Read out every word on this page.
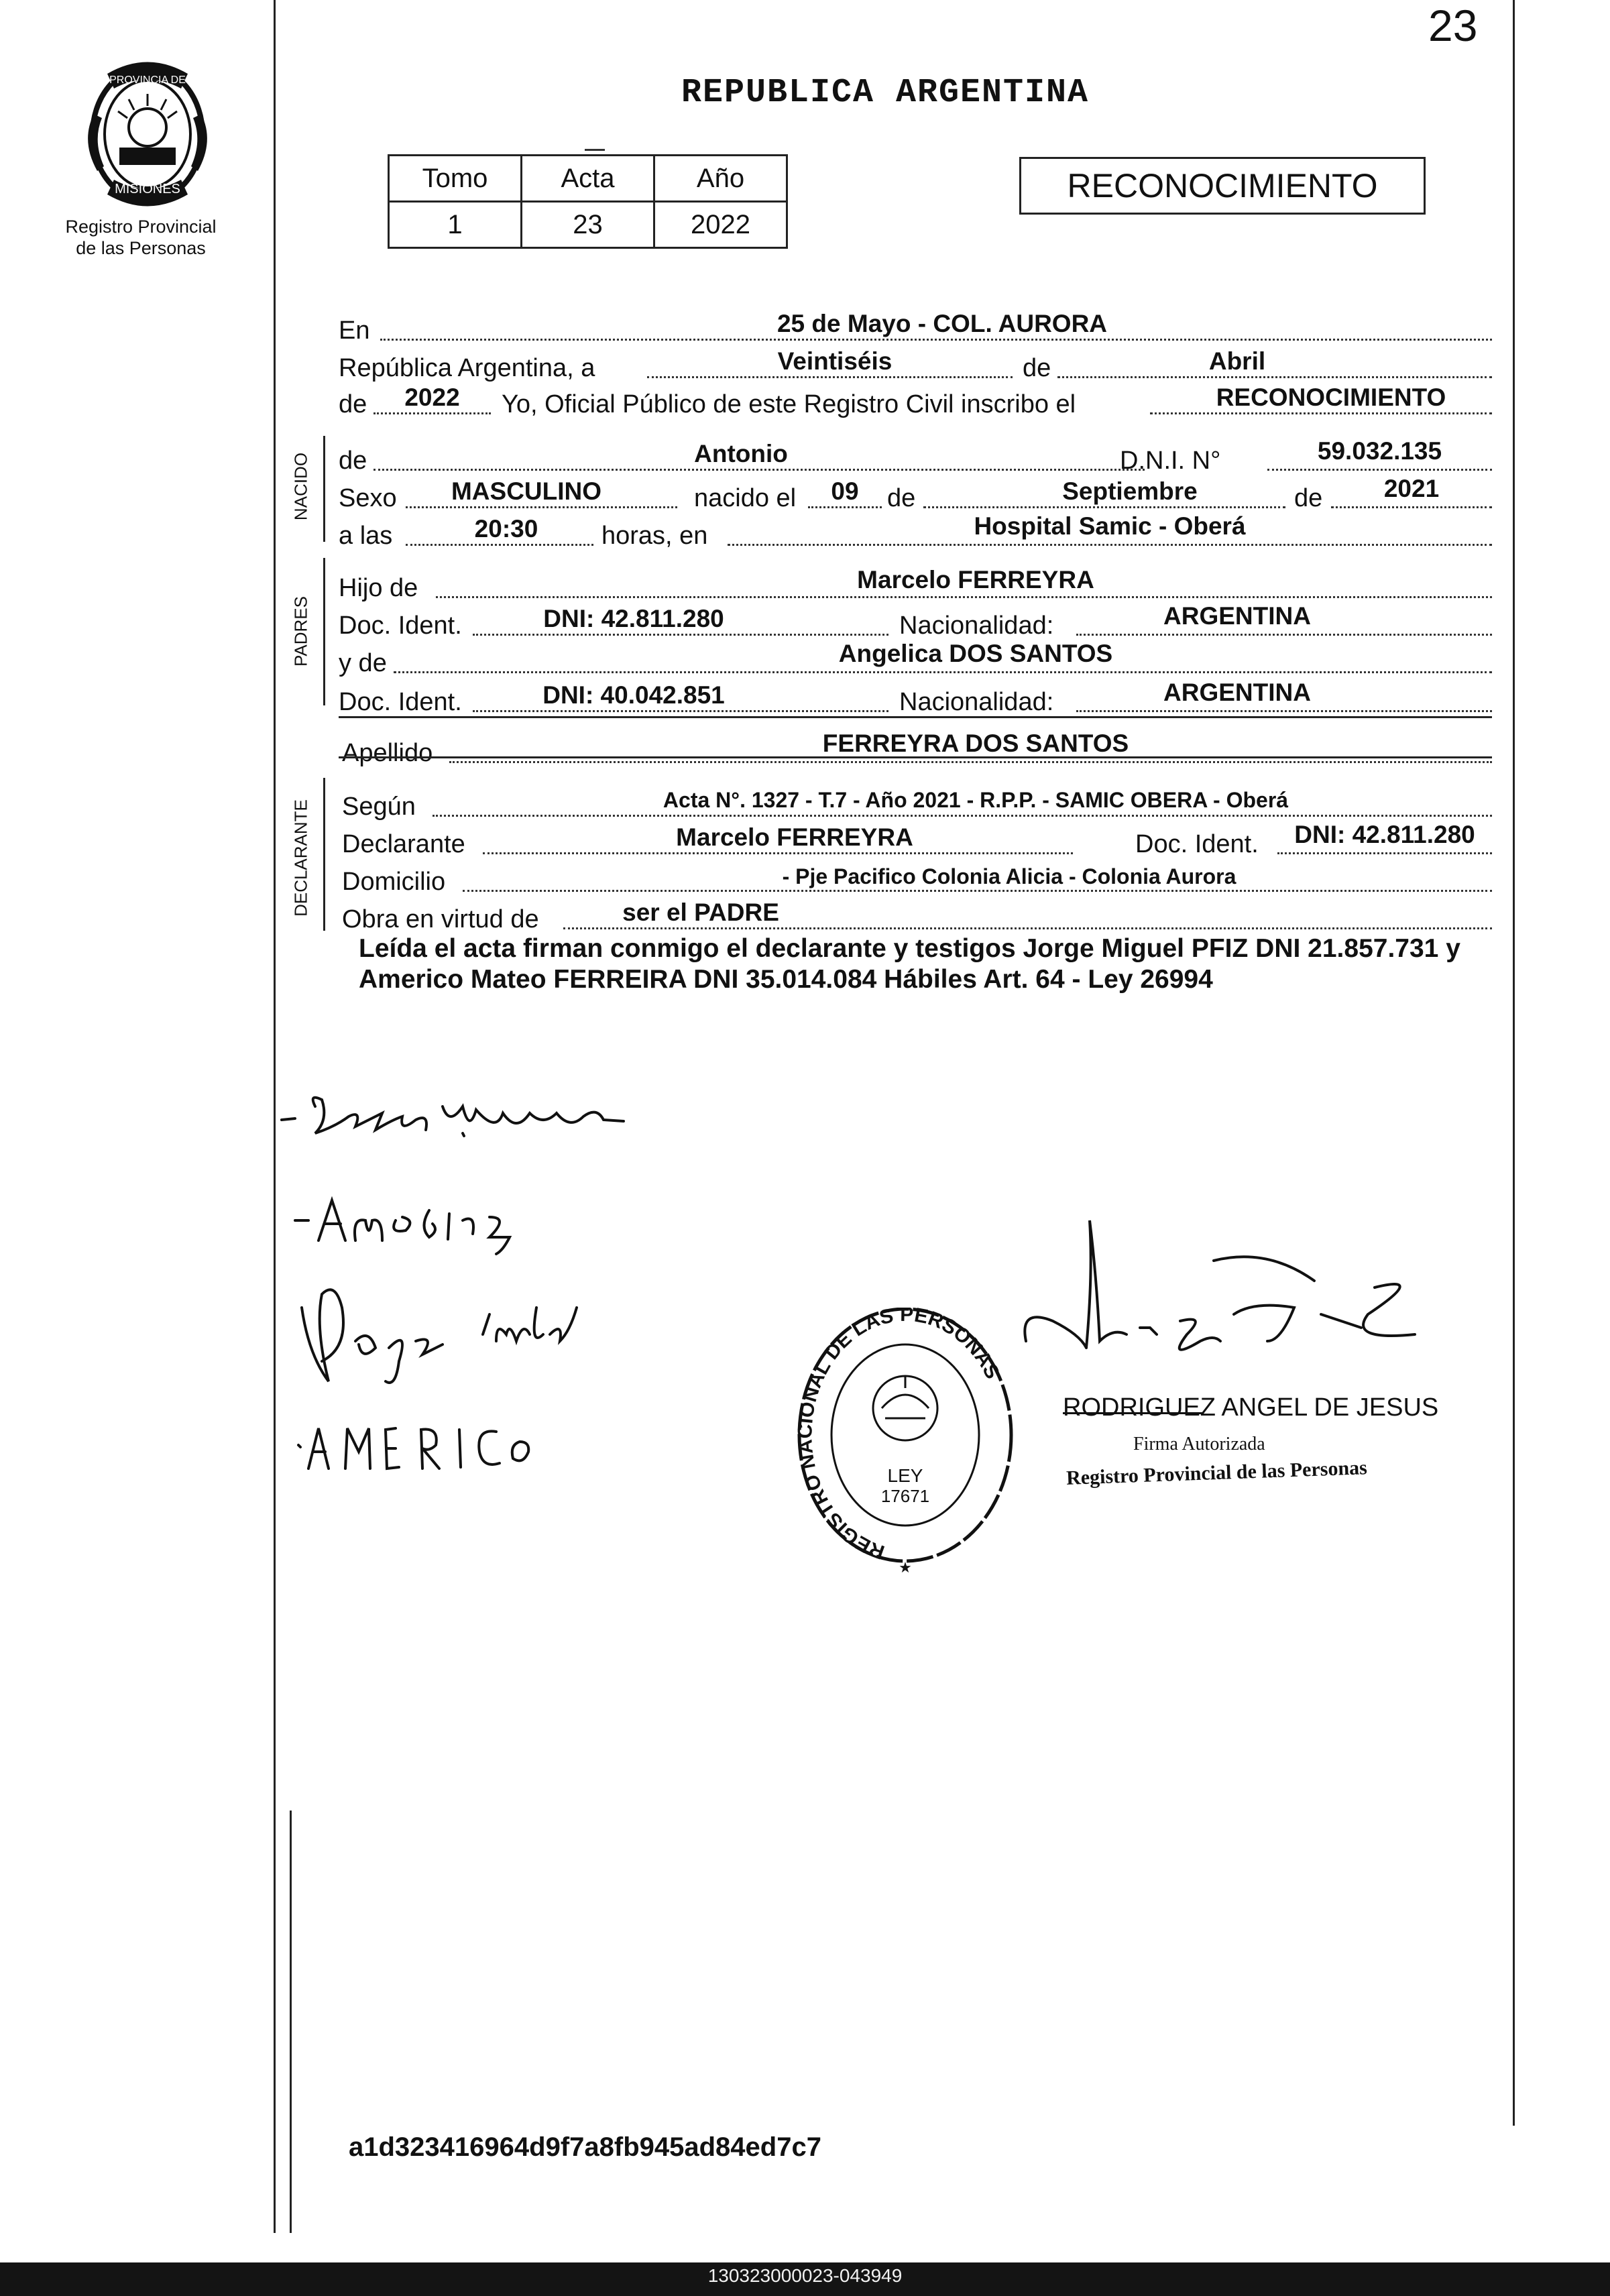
23
PROVINCIA DE
MISIONES
Registro Provincial
de las Personas
REPUBLICA ARGENTINA
Tomo	Acta	Año
1	23	2022
RECONOCIMIENTO
En	25 de Mayo - COL. AURORA
República Argentina, a	Veintiséis	de	Abril
de	2022	Yo, Oficial Público de este Registro Civil inscribo el	RECONOCIMIENTO
NACIDO de	Antonio	D.N.I. N°	59.032.135
Sexo	MASCULINO	nacido el	09	de	Septiembre	de	2021
a las	20:30	horas, en	Hospital Samic - Oberá
PADRES
Hijo de	Marcelo FERREYRA
Doc. Ident.	DNI: 42.811.280	Nacionalidad:	ARGENTINA
y de	Angelica DOS SANTOS
Doc. Ident.	DNI: 40.042.851	Nacionalidad:	ARGENTINA
Apellido	FERREYRA DOS SANTOS
DECLARANTE Según	Acta N°. 1327 - T.7 - Año 2021 - R.P.P. - SAMIC OBERA - Oberá
Declarante	Marcelo FERREYRA	Doc. Ident.	DNI: 42.811.280
Domicilio	- Pje Pacifico Colonia Alicia - Colonia Aurora
Obra en virtud de	ser el PADRE
Leída el acta firman conmigo el declarante y testigos Jorge Miguel PFIZ DNI 21.857.731 y Americo Mateo FERREIRA DNI 35.014.084 Hábiles Art. 64 - Ley 26994
REGISTRO NACIONAL DE LAS PERSONAS
LEY
17671
★
RODRIGUEZ ANGEL DE JESUS
Firma Autorizada
Registro Provincial de las Personas
a1d323416964d9f7a8fb945ad84ed7c7
130323000023-043949
